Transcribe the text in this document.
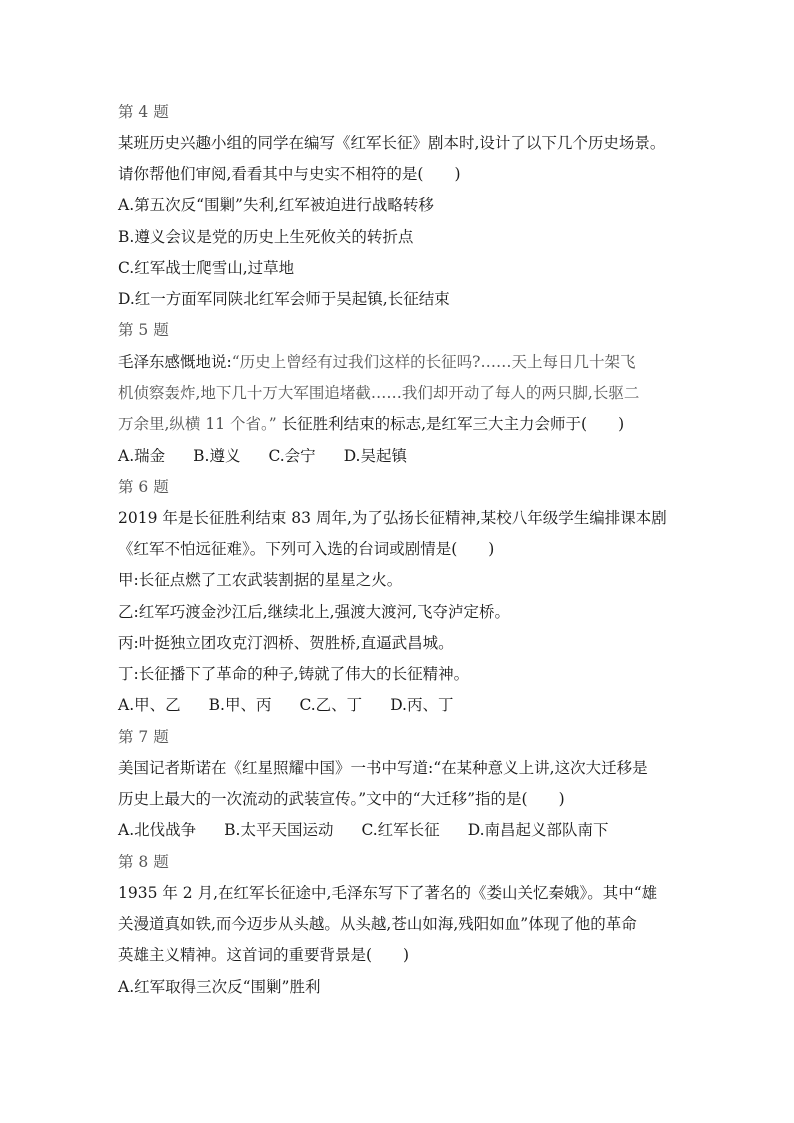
第 4 题
某班历史兴趣小组的同学在编写《红军长征》剧本时,设计了以下几个历史场景。
请你帮他们审阅,看看其中与史实不相符的是(　　)
A.第五次反“围剿”失利,红军被迫进行战略转移
B.遵义会议是党的历史上生死攸关的转折点
C.红军战士爬雪山,过草地
D.红一方面军同陕北红军会师于吴起镇,长征结束
第 5 题
毛泽东感慨地说:“历史上曾经有过我们这样的长征吗?……天上每日几十架飞
机侦察轰炸,地下几十万大军围追堵截……我们却开动了每人的两只脚,长驱二
万余里,纵横 11 个省。” 长征胜利结束的标志,是红军三大主力会师于(　　)
A.瑞金 B.遵义 C.会宁 D.吴起镇
第 6 题
2019 年是长征胜利结束 83 周年,为了弘扬长征精神,某校八年级学生编排课本剧
《红军不怕远征难》。下列可入选的台词或剧情是(　　)
甲:长征点燃了工农武装割据的星星之火。
乙:红军巧渡金沙江后,继续北上,强渡大渡河,飞夺泸定桥。
丙:叶挺独立团攻克汀泗桥、贺胜桥,直逼武昌城。
丁:长征播下了革命的种子,铸就了伟大的长征精神。
A.甲、乙 B.甲、丙 C.乙、丁 D.丙、丁
第 7 题
美国记者斯诺在《红星照耀中国》一书中写道:“在某种意义上讲,这次大迁移是
历史上最大的一次流动的武装宣传。”文中的“大迁移”指的是(　　)
A.北伐战争 B.太平天国运动 C.红军长征 D.南昌起义部队南下
第 8 题
1935 年 2 月,在红军长征途中,毛泽东写下了著名的《娄山关忆秦娥》。其中“雄
关漫道真如铁,而今迈步从头越。从头越,苍山如海,残阳如血”体现了他的革命
英雄主义精神。这首词的重要背景是(　　)
A.红军取得三次反“围剿”胜利
